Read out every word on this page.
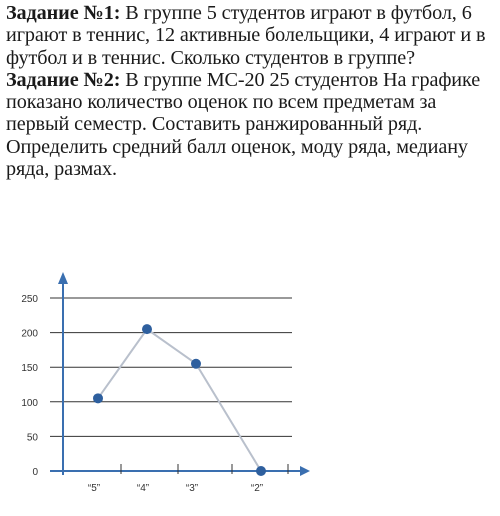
Задание №1: В группе 5 студентов играют в футбол, 6 играют в теннис, 12 активные болельщики, 4 играют и в футбол и в теннис. Сколько студентов в группе?

Задание №2: В группе МС-20 25 студентов На графике показано количество оценок по всем предметам за первый семестр. Составить ранжированный ряд. Определить средний балл оценок, моду ряда, медиану ряда, размах.

0
50
100
150
200
250
“5”	“4”	“3”	“2”
